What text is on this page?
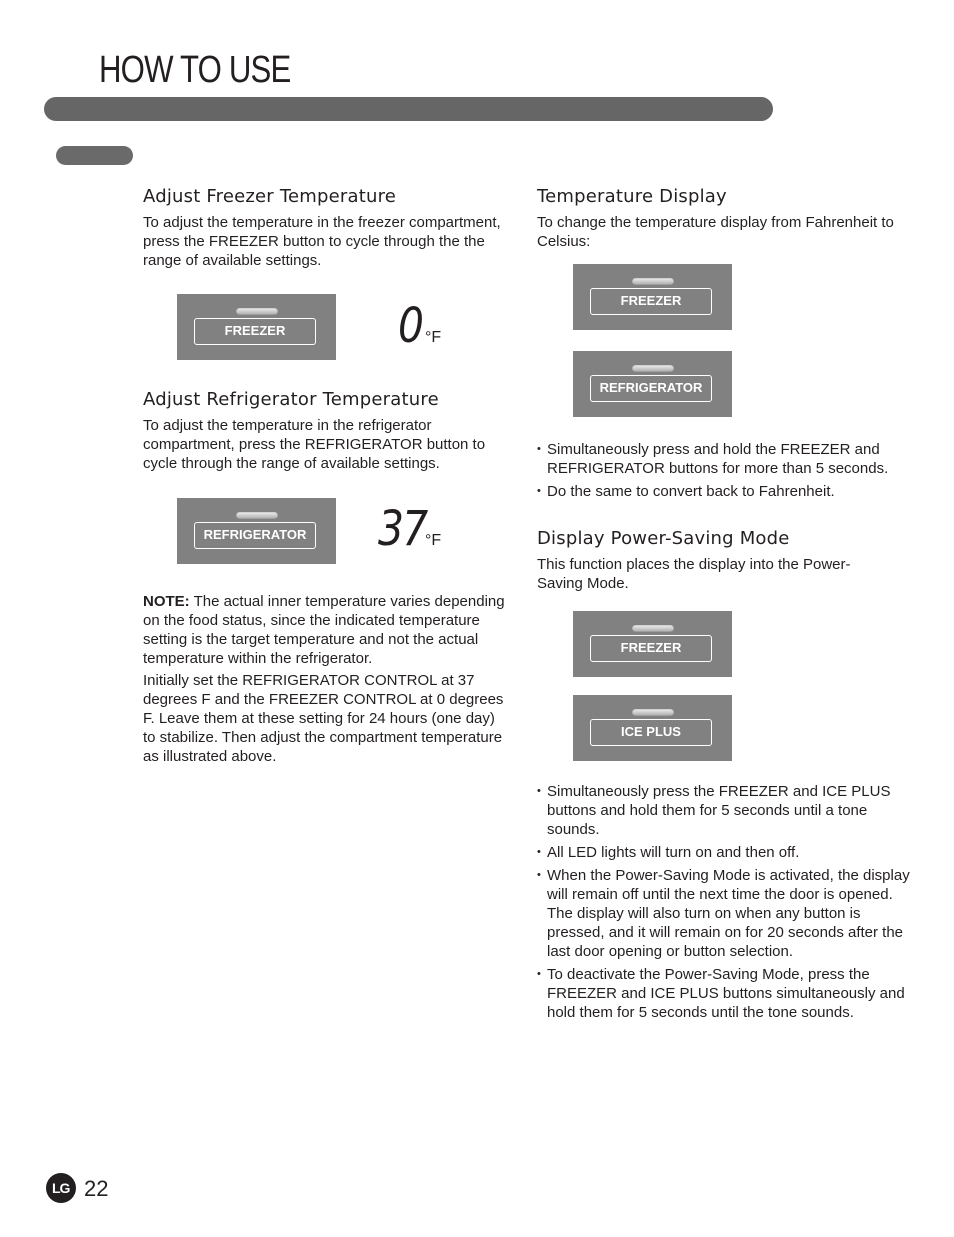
HOW TO USE
Adjust Freezer Temperature

To adjust the temperature in the freezer compartment, press the FREEZER button to cycle through the the range of available settings.

FREEZER	0 °F
Adjust Refrigerator Temperature

To adjust the temperature in the refrigerator compartment, press the REFRIGERATOR button to cycle through the range of available settings.

REFRIGERATOR 37
°F

NOTE: The actual inner temperature varies depending on the food status, since the indicated temperature setting is the target temperature and not the actual temperature within the refrigerator.

Initially set the REFRIGERATOR CONTROL at 37 degrees F and the FREEZER CONTROL at 0 degrees F. Leave them at these setting for 24 hours (one day) to stabilize. Then adjust the compartment temperature as illustrated above.

Temperature Display

To change the temperature display from Fahrenheit to Celsius:

FREEZER
REFRIGERATOR
• Simultaneously press and hold the FREEZER and REFRIGERATOR buttons for more than 5 seconds.
• Do the same to convert back to Fahrenheit.
Display Power-Saving Mode

This function places the display into the Power-Saving Mode.

FREEZER
ICE PLUS
• Simultaneously press the FREEZER and ICE PLUS buttons and hold them for 5 seconds until a tone sounds.
• All LED lights will turn on and then off.
• When the Power-Saving Mode is activated, the display will remain off until the next time the door is opened. The display will also turn on when any button is pressed, and it will remain on for 20 seconds after the last door opening or button selection.
• To deactivate the Power-Saving Mode, press the FREEZER and ICE PLUS buttons simultaneously and hold them for 5 seconds until the tone sounds.
LG 22
